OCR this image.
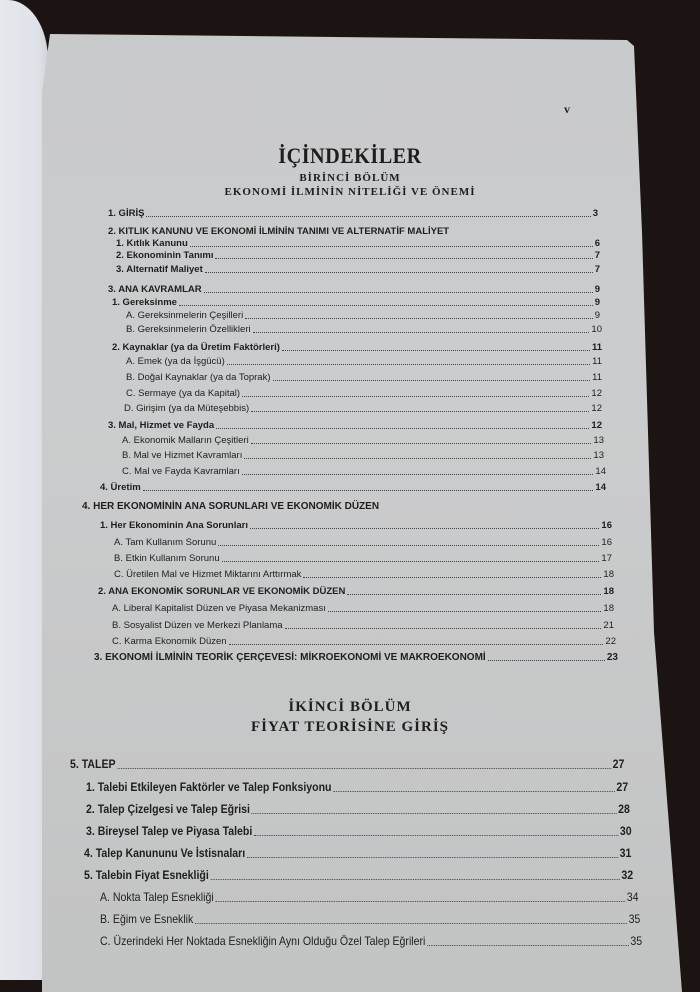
v
İÇİNDEKİLER
BİRİNCİ BÖLÜM
EKONOMİ İLMİNİN NİTELİĞİ VE ÖNEMİ
1. GİRİŞ	3
2. KITLIK KANUNU VE EKONOMİ İLMİNİN TANIMI VE ALTERNATİF MALİYET
1. Kıtlık Kanunu	6
2. Ekonominin Tanımı	7
3. Alternatif Maliyet	7
3. ANA KAVRAMLAR	9
1. Gereksinme	9
A. Gereksinmelerin Çeşilleri	9
B. Gereksinmelerin Özellikleri	10
2. Kaynaklar (ya da Üretim Faktörleri)	11
A. Emek (ya da İşgücü)	11
B. Doğal Kaynaklar (ya da Toprak)	11
C. Sermaye (ya da Kapital)	12
D. Girişim (ya da Müteşebbis)	12
3. Mal, Hizmet ve Fayda	12
A. Ekonomik Malların Çeşitleri	13
B. Mal ve Hizmet Kavramları	13
C. Mal ve Fayda Kavramları	14
4. Üretim	14
4. HER EKONOMİNİN ANA SORUNLARI VE EKONOMİK DÜZEN
1. Her Ekonominin Ana Sorunları	16
A. Tam Kullanım Sorunu	16
B. Etkin Kullanım Sorunu	17
C. Üretilen Mal ve Hizmet Miktarını Arttırmak	18
2. ANA EKONOMİK SORUNLAR VE EKONOMİK DÜZEN	18
A. Liberal Kapitalist Düzen ve Piyasa Mekanizması	18
B. Sosyalist Düzen ve Merkezi Planlama	21
C. Karma Ekonomik Düzen	22
3. EKONOMİ İLMİNİN TEORİK ÇERÇEVESİ: MİKROEKONOMİ VE MAKROEKONOMİ	23
İKİNCİ BÖLÜM
FİYAT TEORİSİNE GİRİŞ
5. TALEP	27
1. Talebi Etkileyen Faktörler ve Talep Fonksiyonu	27
2. Talep Çizelgesi ve Talep Eğrisi	28
3. Bireysel Talep ve Piyasa Talebi	30
4. Talep Kanununu Ve İstisnaları	31
5. Talebin Fiyat Esnekliği	32
A. Nokta Talep Esnekliği	34
B. Eğim ve Esneklik	35
C. Üzerindeki Her Noktada Esnekliğin Aynı Olduğu Özel Talep Eğrileri	35
